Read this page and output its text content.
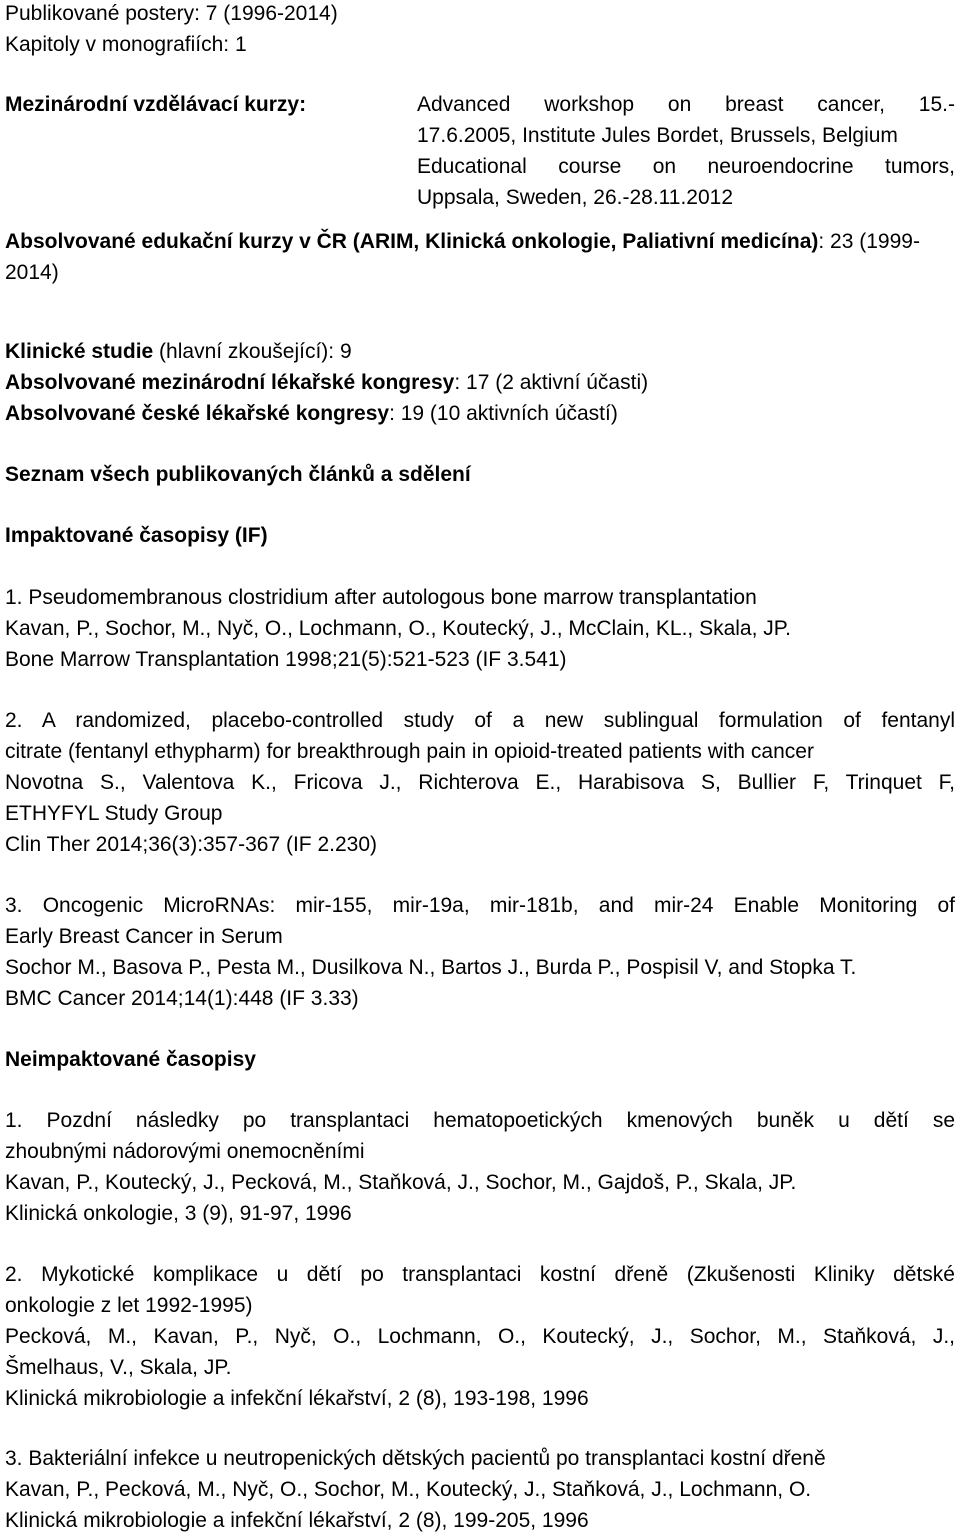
Publikované postery: 7 (1996-2014)
Kapitoly v monografiích: 1
Mezinárodní vzdělávací kurzy:	Advanced workshop on breast cancer, 15.-
17.6.2005, Institute Jules Bordet, Brussels, Belgium
Educational course on neuroendocrine tumors,
Uppsala, Sweden, 26.-28.11.2012
Absolvované edukační kurzy v ČR (ARIM, Klinická onkologie, Paliativní medicína): 23 (1999-
2014)
Klinické studie (hlavní zkoušející): 9
Absolvované mezinárodní lékařské kongresy: 17 (2 aktivní účasti)
Absolvované české lékařské kongresy: 19 (10 aktivních účastí)
Seznam všech publikovaných článků a sdělení
Impaktované časopisy (IF)
1. Pseudomembranous clostridium after autologous bone marrow transplantation
Kavan, P., Sochor, M., Nyč, O., Lochmann, O., Koutecký, J., McClain, KL., Skala, JP.
Bone Marrow Transplantation 1998;21(5):521-523 (IF 3.541)
2. A randomized, placebo-controlled study of a new sublingual formulation of fentanyl
citrate (fentanyl ethypharm) for breakthrough pain in opioid-treated patients with cancer
Novotna S., Valentova K., Fricova J., Richterova E., Harabisova S, Bullier F, Trinquet F,
ETHYFYL Study Group
Clin Ther 2014;36(3):357-367 (IF 2.230)
3. Oncogenic MicroRNAs: mir-155, mir-19a, mir-181b, and mir-24 Enable Monitoring of
Early Breast Cancer in Serum
Sochor M., Basova P., Pesta M., Dusilkova N., Bartos J., Burda P., Pospisil V, and Stopka T.
BMC Cancer 2014;14(1):448 (IF 3.33)
Neimpaktované časopisy
1. Pozdní následky po transplantaci hematopoetických kmenových buněk u dětí se
zhoubnými nádorovými onemocněními
Kavan, P., Koutecký, J., Pecková, M., Staňková, J., Sochor, M., Gajdoš, P., Skala, JP.
Klinická onkologie, 3 (9), 91-97, 1996
2. Mykotické komplikace u dětí po transplantaci kostní dřeně (Zkušenosti Kliniky dětské
onkologie z let 1992-1995)
Pecková, M., Kavan, P., Nyč, O., Lochmann, O., Koutecký, J., Sochor, M., Staňková, J.,
Šmelhaus, V., Skala, JP.
Klinická mikrobiologie a infekční lékařství, 2 (8), 193-198, 1996
3. Bakteriální infekce u neutropenických dětských pacientů po transplantaci kostní dřeně
Kavan, P., Pecková, M., Nyč, O., Sochor, M., Koutecký, J., Staňková, J., Lochmann, O.
Klinická mikrobiologie a infekční lékařství, 2 (8), 199-205, 1996
